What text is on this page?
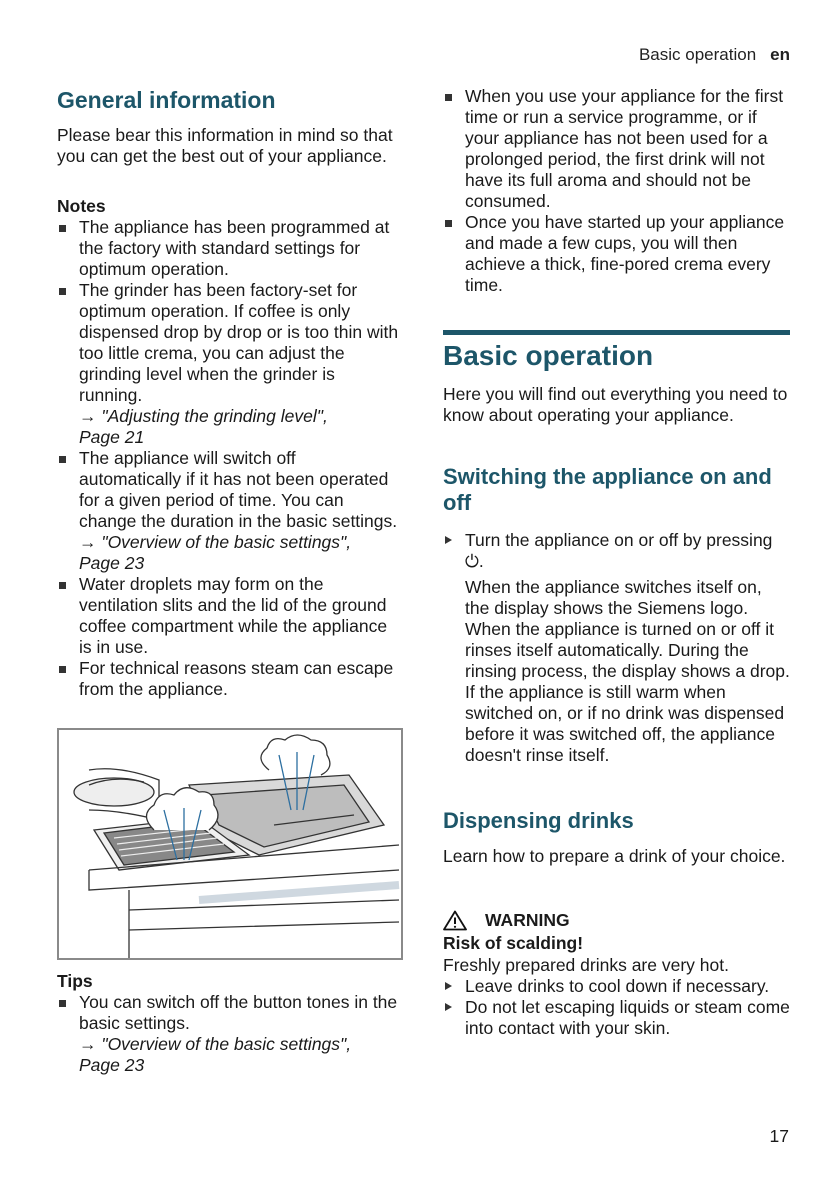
Basic operation en
General information

Please bear this information in mind so that you can get the best out of your appliance.

Notes
The appliance has been programmed at the factory with standard settings for optimum operation.
The grinder has been factory-set for optimum operation. If coffee is only dispensed drop by drop or is too thin with too little crema, you can adjust the grinding level when the grinder is running.
→ "Adjusting the grinding level",
Page 21
The appliance will switch off automatically if it has not been operated for a given period of time. You can change the duration in the basic settings.
→ "Overview of the basic settings",
Page 23
Water droplets may form on the ventilation slits and the lid of the ground coffee compartment while the appliance is in use.
For technical reasons steam can escape from the appliance.
Tips
You can switch off the button tones in the basic settings.
→ "Overview of the basic settings",
Page 23
When you use your appliance for the first time or run a service programme, or if your appliance has not been used for a prolonged period, the first drink will not have its full aroma and should not be consumed.
Once you have started up your appliance and made a few cups, you will then achieve a thick, fine-pored crema every time.
Basic operation

Here you will find out everything you need to know about operating your appliance.

Switching the appliance on and off
Turn the appliance on or off by pressing ⏻.

When the appliance switches itself on, the display shows the Siemens logo. When the appliance is turned on or off it rinses itself automatically. During the rinsing process, the display shows a drop. If the appliance is still warm when switched on, or if no drink was dispensed before it was switched off, the appliance doesn't rinse itself.

Dispensing drinks

Learn how to prepare a drink of your choice.

WARNING
Risk of scalding!

Freshly prepared drinks are very hot.

Leave drinks to cool down if necessary.
Do not let escaping liquids or steam come into contact with your skin.
17
